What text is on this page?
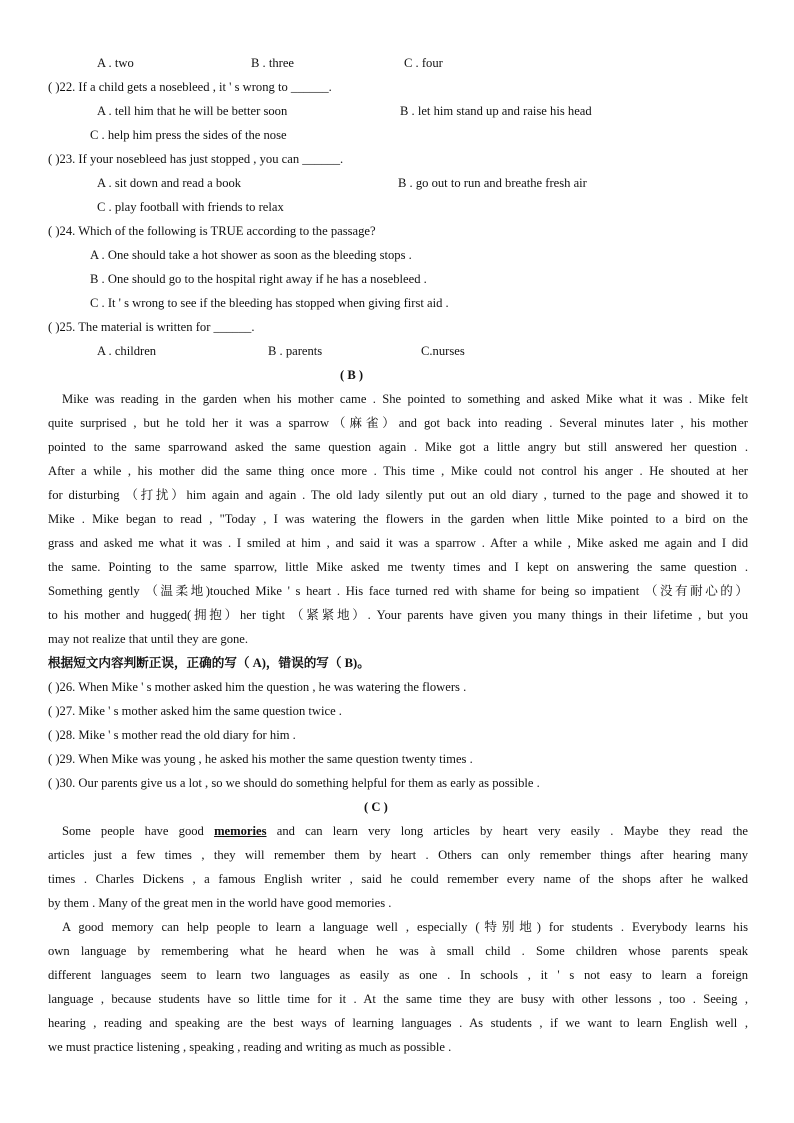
A . two	B . three	C . four
( )22. If a child gets a nosebleed , it ' s wrong to ______.
A . tell him that he will be better soon	B . let him stand up and raise his head
C . help him press the sides of the nose
( )23. If your nosebleed has just stopped , you can ______.
A . sit down and read a book	B . go out to run and breathe fresh air
C . play football with friends to relax
( )24. Which of the following is TRUE according to the passage?
A . One should take a hot shower as soon as the bleeding stops .
B . One should go to the hospital right away if he has a nosebleed .
C . It ' s wrong to see if the bleeding has stopped when giving first aid .
( )25. The material is written for ______.
A . children	B . parents	C.nurses
( B )
Mike was reading in the garden when his mother came . She pointed to something and asked Mike what it was . Mike felt
quite surprised , but he told her it was a sparrow（麻雀）and got back into reading . Several minutes later , his mother
pointed to the same sparrowand asked the same question again . Mike got a little angry but still answered her question .
After a while , his mother did the same thing once more . This time , Mike could not control his anger . He shouted at her
for disturbing （打扰）him again and again . The old lady silently put out an old diary , turned to the page and showed it to
Mike . Mike began to read , "Today , I was watering the flowers in the garden when little Mike pointed to a bird on the
grass and asked me what it was . I smiled at him , and said it was a sparrow . After a while , Mike asked me again and I did
the same. Pointing to the same sparrow, little Mike asked me twenty times and I kept on answering the same question .
Something gently （温柔地)touched Mike ' s heart . His face turned red with shame for being so impatient （没有耐心的）
to his mother and hugged(拥抱）her tight （紧紧地）. Your parents have given you many things in their lifetime , but you
may not realize that until they are gone.
根据短文内容判断正误，正确的写（ A)，错误的写（ B)。
( )26. When Mike ' s mother asked him the question , he was watering the flowers .
( )27. Mike ' s mother asked him the same question twice .
( )28. Mike ' s mother read the old diary for him .
( )29. When Mike was young , he asked his mother the same question twenty times .
( )30. Our parents give us a lot , so we should do something helpful for them as early as possible .
( C )
Some people have good memories and can learn very long articles by heart very easily . Maybe they read the
articles just a few times , they will remember them by heart . Others can only remember things after hearing many
times . Charles Dickens , a famous English writer , said he could remember every name of the shops after he walked
by them . Many of the great men in the world have good memories .
A good memory can help people to learn a language well , especially (特别地) for students . Everybody learns his
own language by remembering what he heard when he was à small child . Some children whose parents speak
different languages seem to learn two languages as easily as one . In schools , it ' s not easy to learn a foreign
language , because students have so little time for it . At the same time they are busy with other lessons , too . Seeing ,
hearing , reading and speaking are the best ways of learning languages . As students , if we want to learn English well ,
we must practice listening , speaking , reading and writing as much as possible .
